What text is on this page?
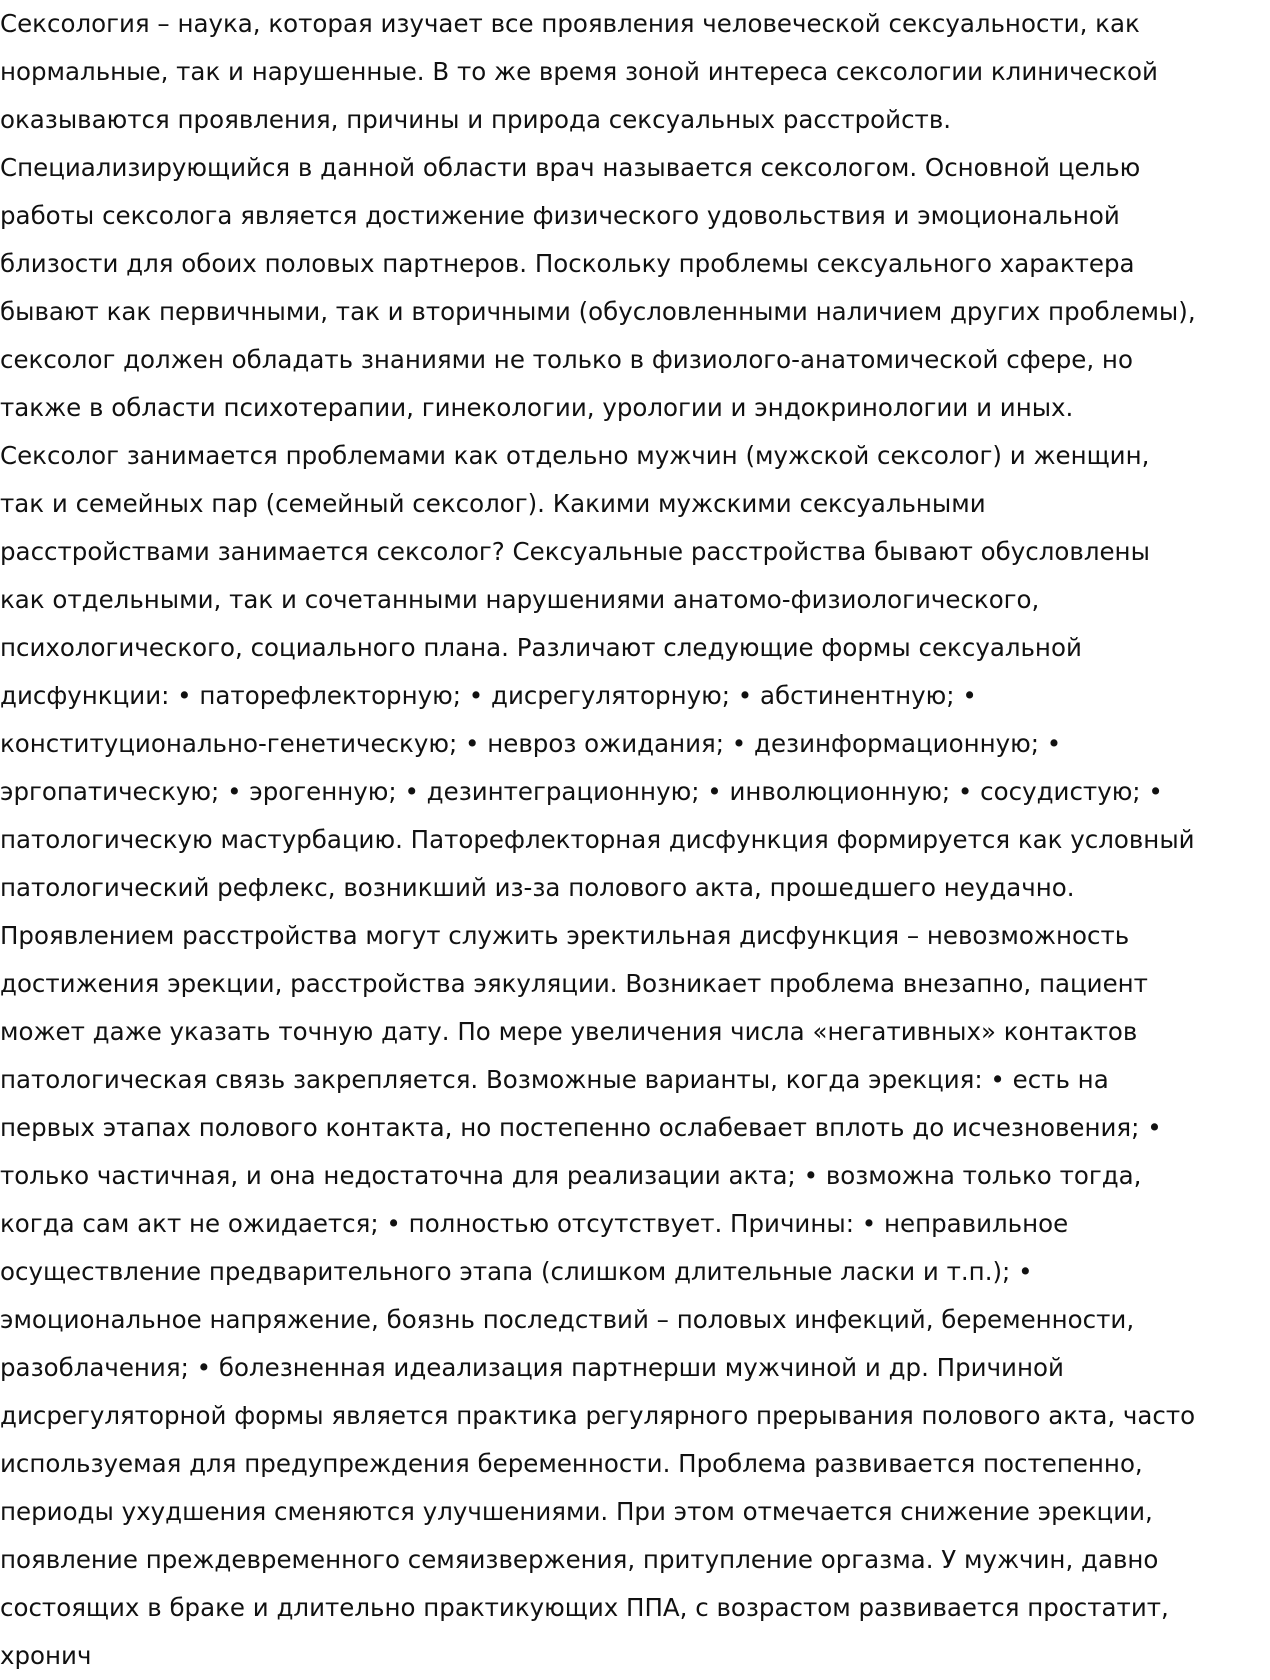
Сексология – наука, которая изучает все проявления человеческой сексуальности, как
нормальные, так и нарушенные. В то же время зоной интереса сексологии клинической
оказываются проявления, причины и природа сексуальных расстройств.
Специализирующийся в данной области врач называется сексологом. Основной целью
работы сексолога является достижение физического удовольствия и эмоциональной
близости для обоих половых партнеров. Поскольку проблемы сексуального характера
бывают как первичными, так и вторичными (обусловленными наличием других проблемы),
сексолог должен обладать знаниями не только в физиолого-анатомической сфере, но
также в области психотерапии, гинекологии, урологии и эндокринологии и иных.
Сексолог занимается проблемами как отдельно мужчин (мужской сексолог) и женщин,
так и семейных пар (семейный сексолог). Какими мужскими сексуальными
расстройствами занимается сексолог? Сексуальные расстройства бывают обусловлены
как отдельными, так и сочетанными нарушениями анатомо-физиологического,
психологического, социального плана. Различают следующие формы сексуальной
дисфункции: • паторефлекторную; • дисрегуляторную; • абстинентную; •
конституционально-генетическую; • невроз ожидания; • дезинформационную; •
эргопатическую; • эрогенную; • дезинтеграционную; • инволюционную; • сосудистую; •
патологическую мастурбацию. Паторефлекторная дисфункция формируется как условный
патологический рефлекс, возникший из-за полового акта, прошедшего неудачно.
Проявлением расстройства могут служить эректильная дисфункция – невозможность
достижения эрекции, расстройства эякуляции. Возникает проблема внезапно, пациент
может даже указать точную дату. По мере увеличения числа «негативных» контактов
патологическая связь закрепляется. Возможные варианты, когда эрекция: • есть на
первых этапах полового контакта, но постепенно ослабевает вплоть до исчезновения; •
только частичная, и она недостаточна для реализации акта; • возможна только тогда,
когда сам акт не ожидается; • полностью отсутствует. Причины: • неправильное
осуществление предварительного этапа (слишком длительные ласки и т.п.); •
эмоциональное напряжение, боязнь последствий – половых инфекций, беременности,
разоблачения; • болезненная идеализация партнерши мужчиной и др. Причиной
дисрегуляторной формы является практика регулярного прерывания полового акта, часто
используемая для предупреждения беременности. Проблема развивается постепенно,
периоды ухудшения сменяются улучшениями. При этом отмечается снижение эрекции,
появление преждевременного семяизвержения, притупление оргазма. У мужчин, давно
состоящих в браке и длительно практикующих ППА, с возрастом развивается простатит,
хронич
